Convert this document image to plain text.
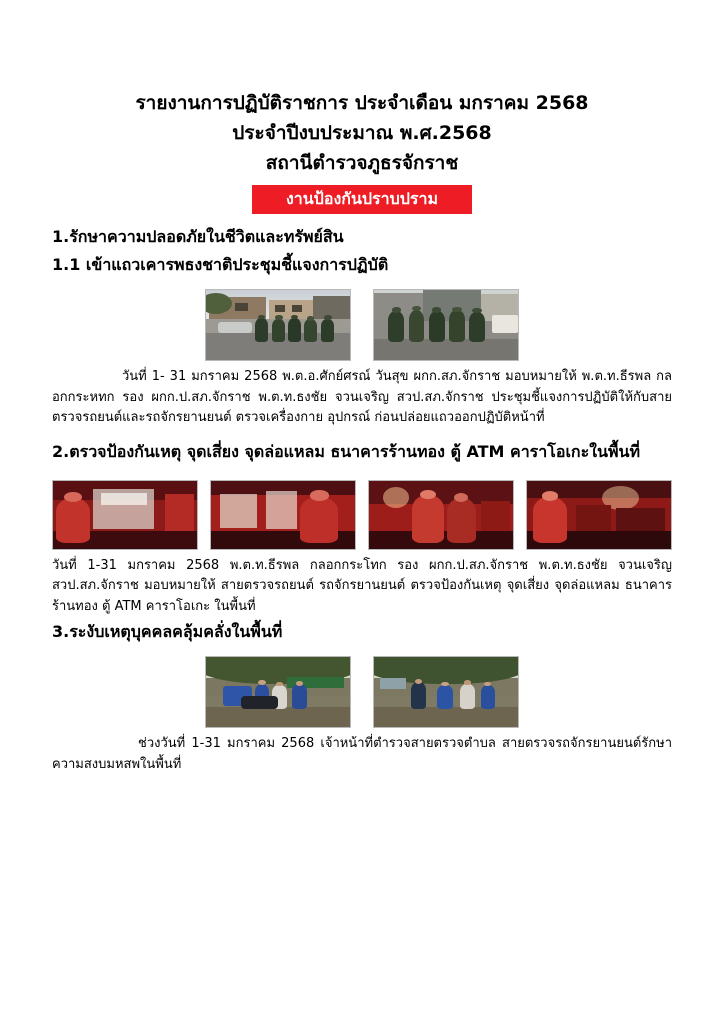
รายงานการปฏิบัติราชการ ประจำเดือน มกราคม 2568
ประจำปีงบประมาณ พ.ศ.2568
สถานีตำรวจภูธรจักราช
งานป้องกันปราบปราม
1.รักษาความปลอดภัยในชีวิตและทรัพย์สิน
1.1 เข้าแถวเคารพธงชาติประชุมชี้แจงการปฏิบัติ
วันที่ 1- 31 มกราคม 2568 พ.ต.อ.ศักย์ศรณ์ วันสุข ผกก.สภ.จักราช มอบหมายให้ พ.ต.ท.ธีรพล กลอกกระหทก รอง ผกก.ป.สภ.จักราช พ.ต.ท.ธงชัย จวนเจริญ สวป.สภ.จักราช ประชุมชี้แจงการปฏิบัติให้กับสายตรวจรถยนต์และรถจักรยานยนต์ ตรวจเครื่องกาย อุปกรณ์ ก่อนปล่อยแถวออกปฏิบัติหน้าที่
2.ตรวจป้องกันเหตุ จุดเสี่ยง จุดล่อแหลม ธนาคารร้านทอง ตู้ ATM คาราโอเกะในพื้นที่
วันที่ 1-31 มกราคม 2568 พ.ต.ท.ธีรพล กลอกกระโทก รอง ผกก.ป.สภ.จักราช พ.ต.ท.ธงชัย จวนเจริญ สวป.สภ.จักราช มอบหมายให้ สายตรวจรถยนต์ รถจักรยานยนต์ ตรวจป้องกันเหตุ จุดเสี่ยง จุดล่อแหลม ธนาคารร้านทอง ตู้ ATM คาราโอเกะ ในพื้นที่
3.ระงับเหตุบุคคลคลุ้มคลั่งในพื้นที่
ช่วงวันที่ 1-31 มกราคม 2568 เจ้าหน้าที่ตำรวจสายตรวจตำบล สายตรวจรถจักรยานยนต์รักษาความสงบมหสพในพื้นที่
